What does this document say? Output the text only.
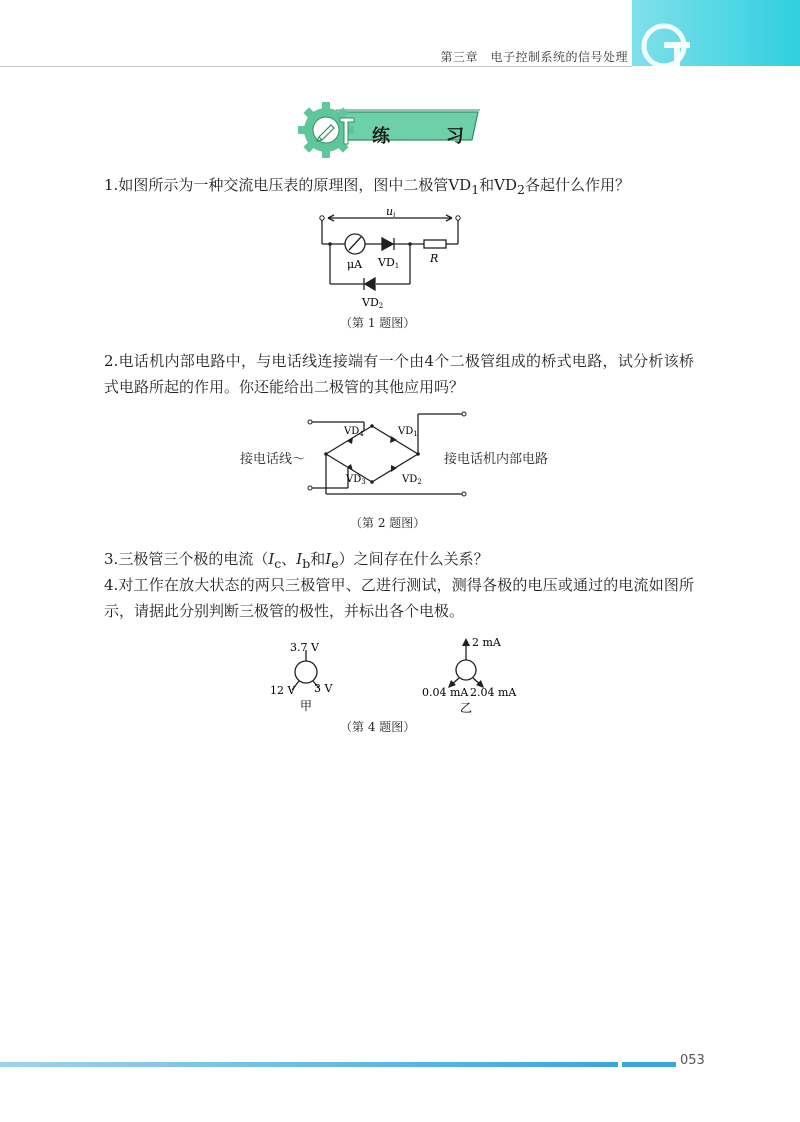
第三章　电子控制系统的信号处理
练	习
1.如图所示为一种交流电压表的原理图，图中二极管$VD_1$和$VD_2$各起什么作用？
ui
μA VD1
R
VD2
（第 1 题图）
2.电话机内部电路中，与电话线连接端有一个由4个二极管组成的桥式电路，试分析该桥式电路所起的作用。你还能给出二极管的其他应用吗？
$VD_4$	$VD_1$
$VD_3$	$VD_2$
接电话线～	接电话机内部电路
（第 2 题图）
3.三极管三个极的电流（$I_c$、$I_b$和$I_e$）之间存在什么关系？
4.对工作在放大状态的两只三极管甲、乙进行测试，测得各极的电压或通过的电流如图所示，请据此分别判断三极管的极性，并标出各个电极。
3.7 V
12 V 3 V
甲
2 mA
0.04 mA 2.04 mA
乙
（第 4 题图）
053
